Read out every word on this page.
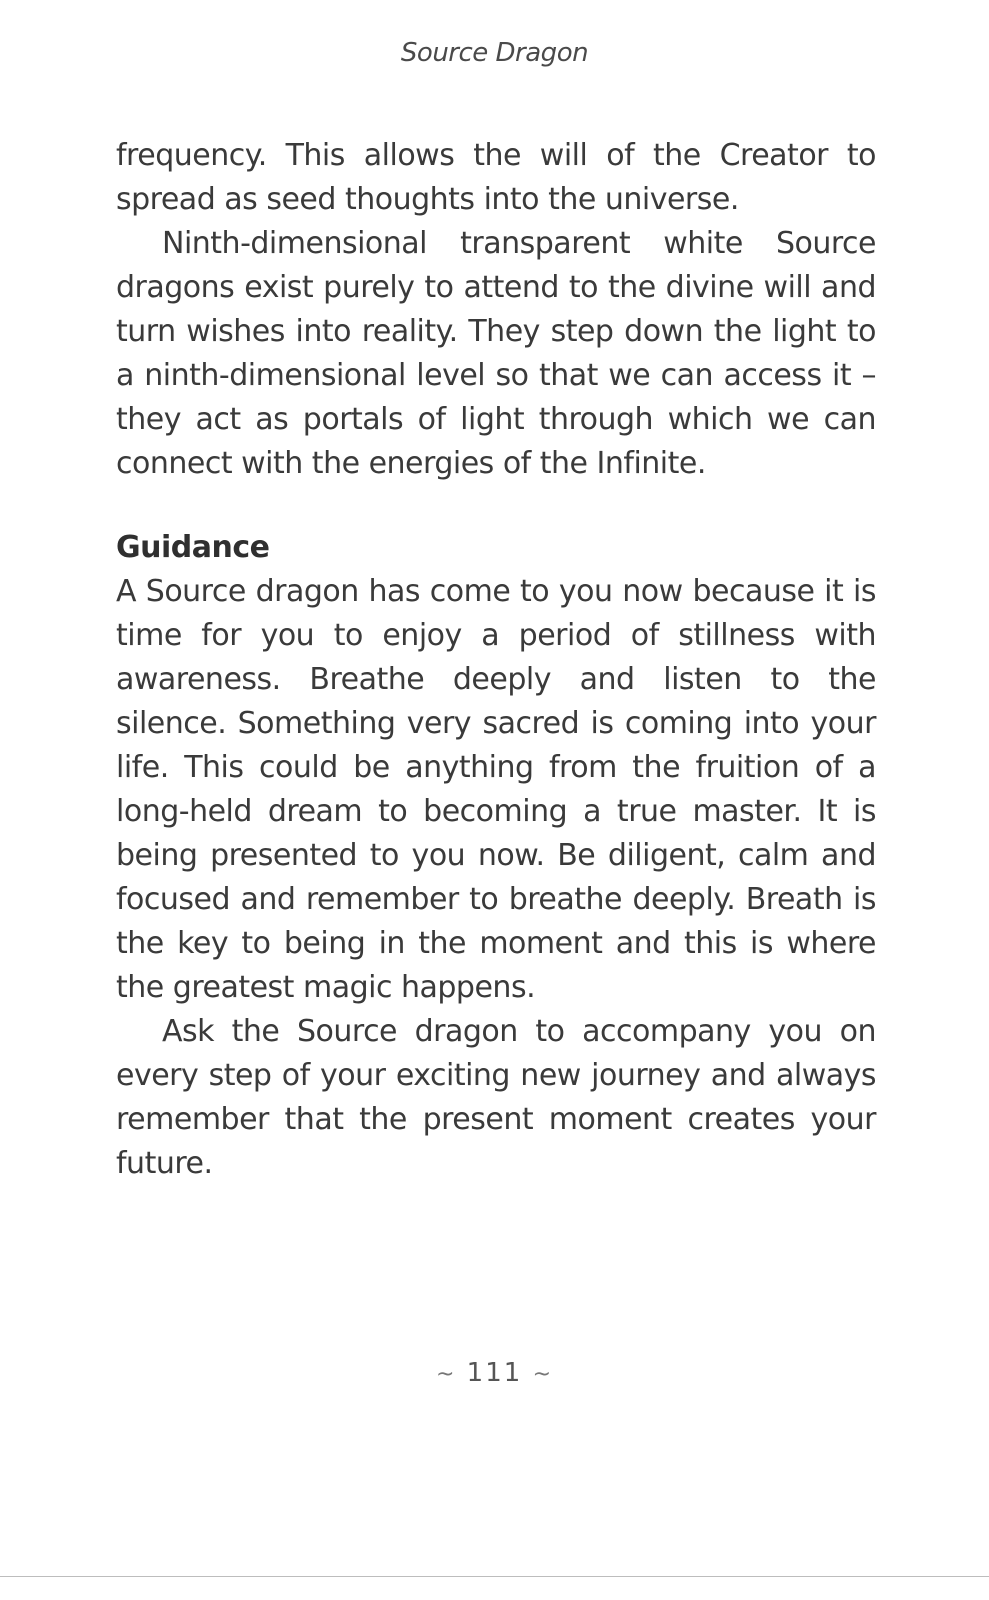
Source Dragon

frequency. This allows the will of the Creator to spread as seed thoughts into the universe.

Ninth-dimensional transparent white Source dragons exist purely to attend to the divine will and turn wishes into reality. They step down the light to a ninth-dimensional level so that we can access it – they act as portals of light through which we can connect with the energies of the Infinite.

Guidance

A Source dragon has come to you now because it is time for you to enjoy a period of stillness with awareness. Breathe deeply and listen to the silence. Something very sacred is coming into your life. This could be anything from the fruition of a long-held dream to becoming a true master. It is being presented to you now. Be diligent, calm and focused and remember to breathe deeply. Breath is the key to being in the moment and this is where the greatest magic happens.

Ask the Source dragon to accompany you on every step of your exciting new journey and always remember that the present moment creates your future.

~ 111 ~
